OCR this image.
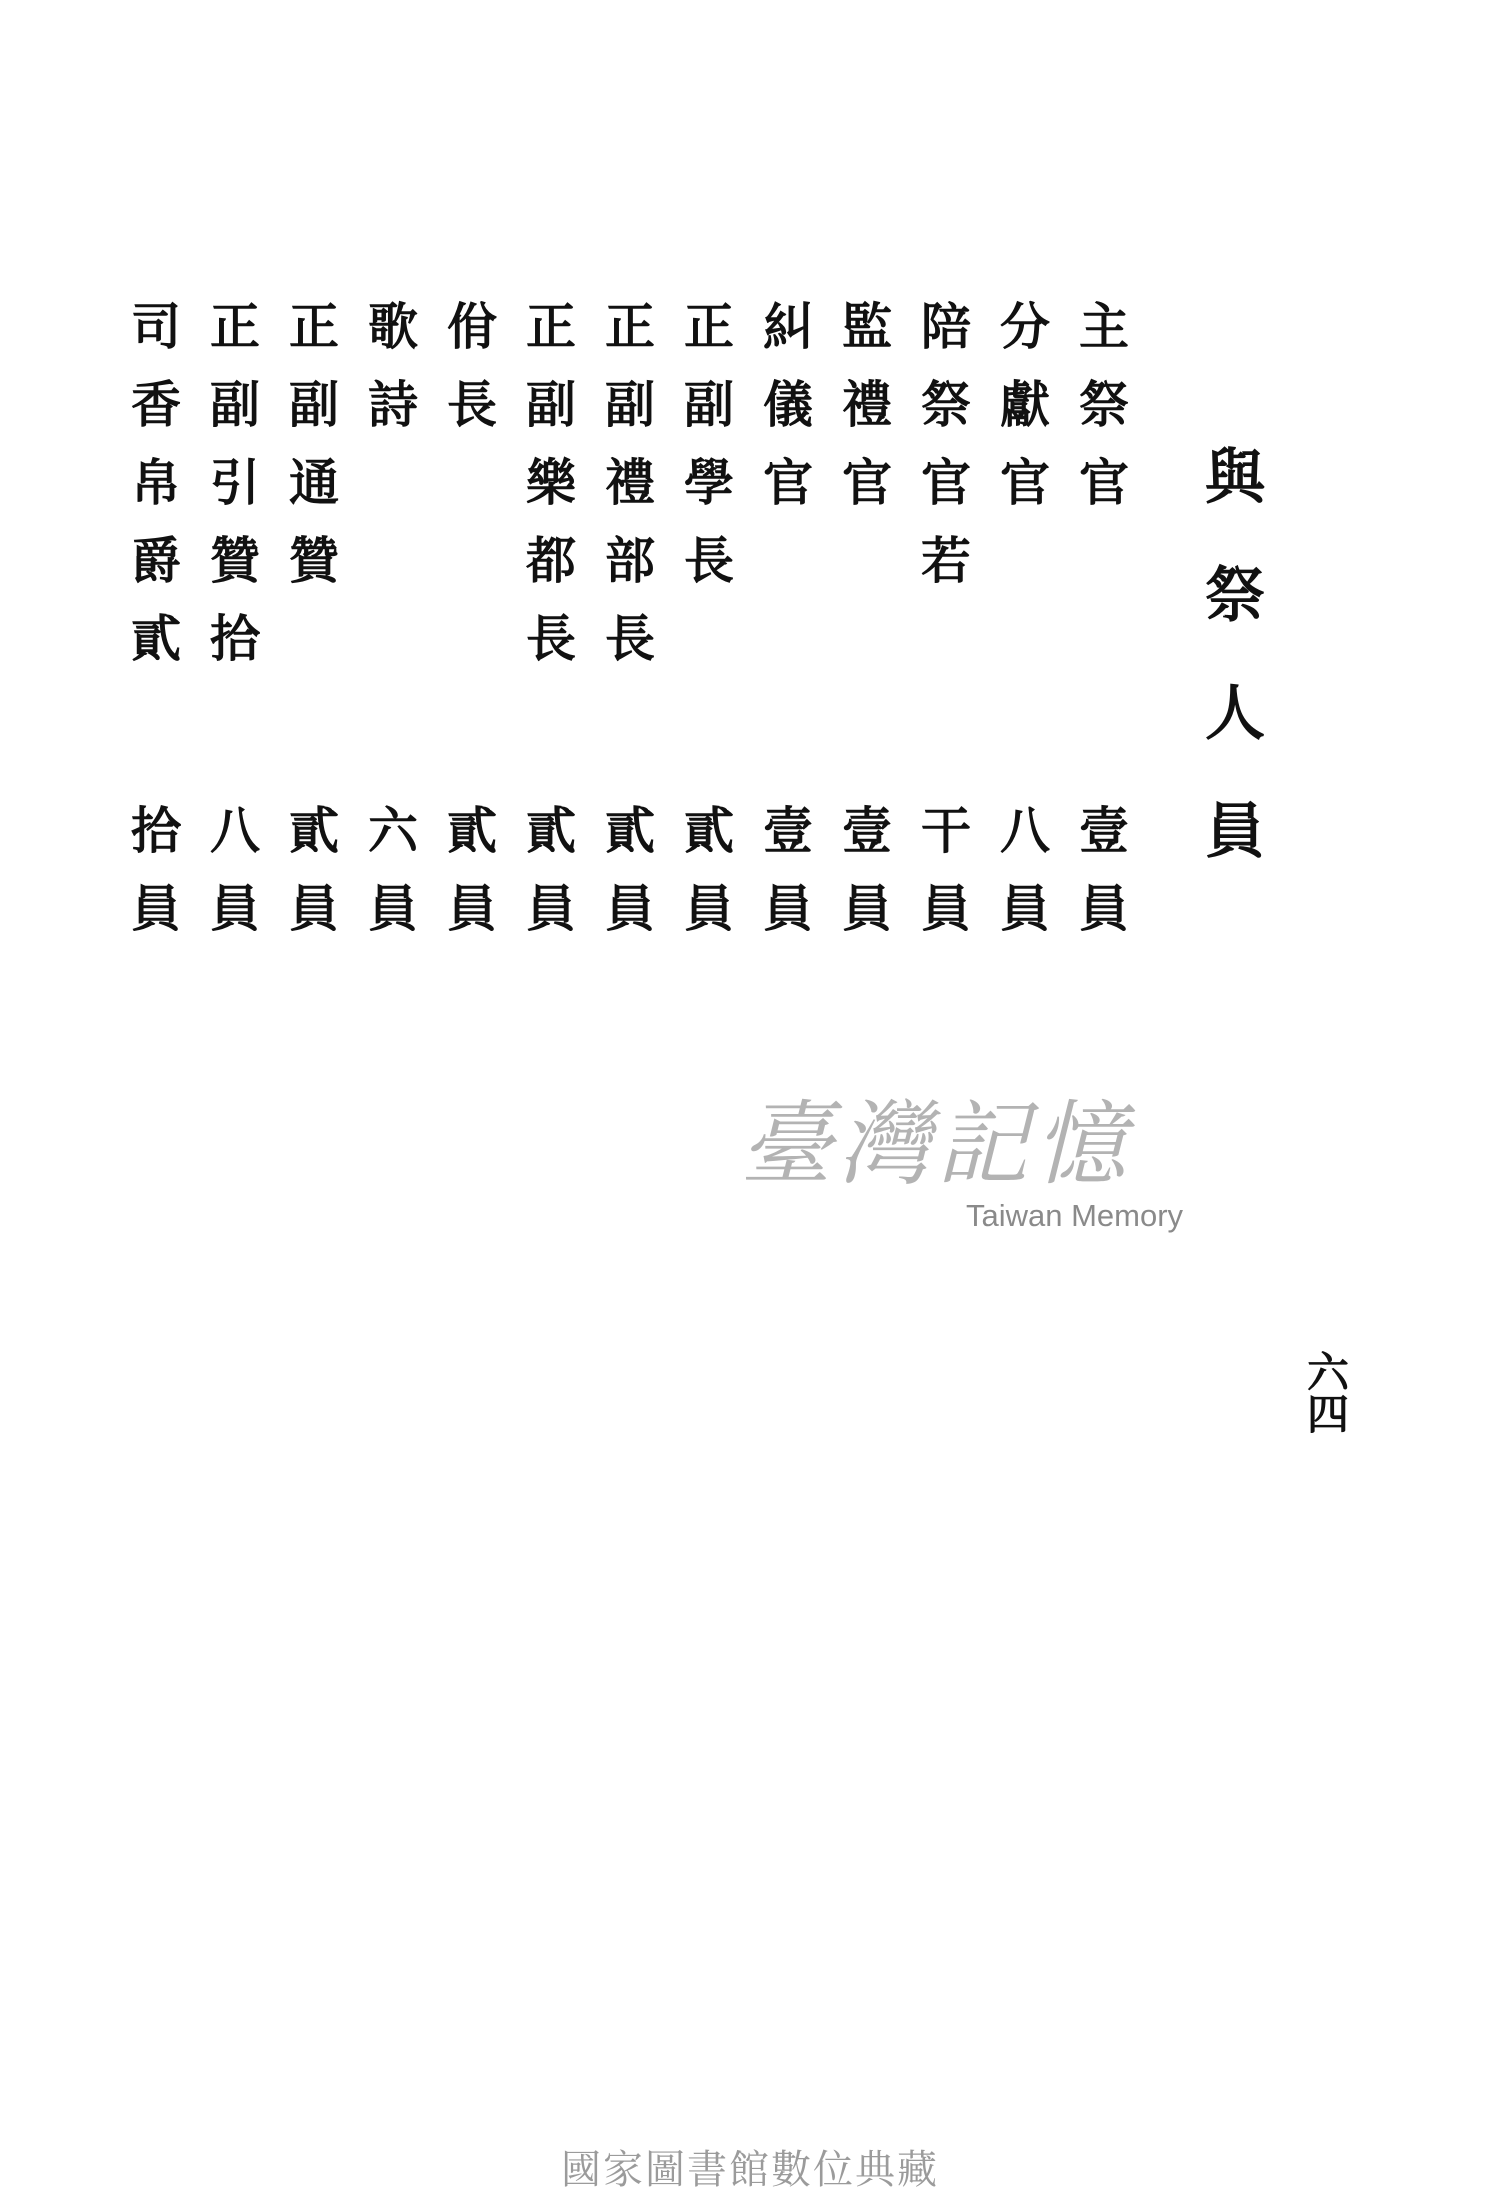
與祭人員
主祭官
壹員
分獻官
八員
陪祭官若
干員
監禮官
壹員
糾儀官
壹員
正副學長
貳員
正副禮部長
貳員
正副樂都長
貳員
佾長
貳員
歌詩
六員
正副通贊
貳員
正副引贊拾
八員
司香帛爵貳
拾員
臺灣記憶
Taiwan Memory
六四
國家圖書館數位典藏
